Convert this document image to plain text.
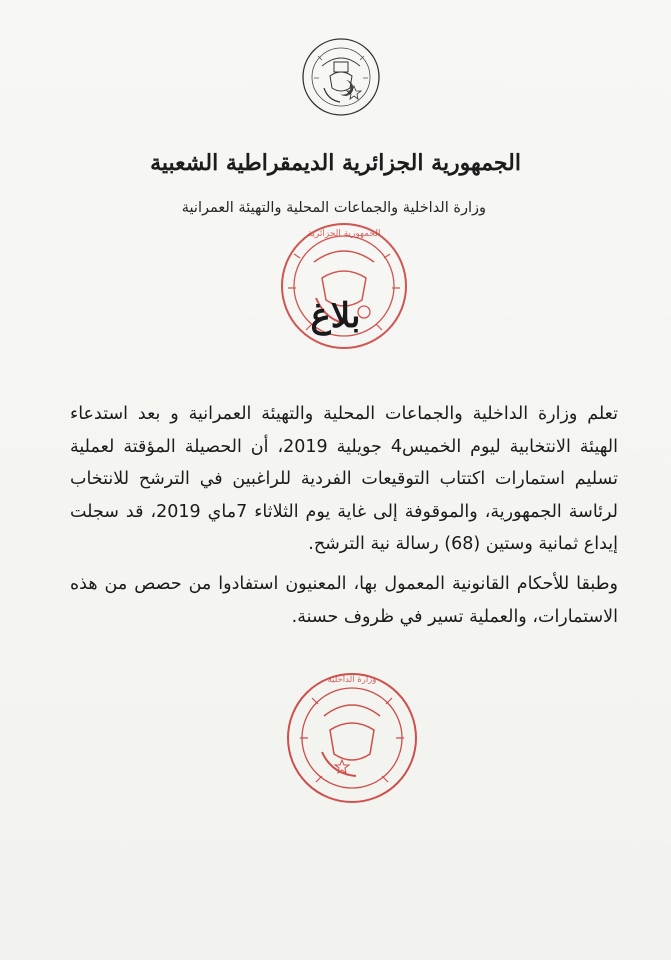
الجمهورية الجزائرية الديمقراطية الشعبية
وزارة الداخلية والجماعات المحلية والتهيئة العمرانية
الجمهورية الجزائرية
بلاغ
تعلم وزارة الداخلية والجماعات المحلية والتهيئة العمرانية و بعد استدعاء الهيئة الانتخابية ليوم الخميس4 جويلية 2019، أن الحصيلة المؤقتة لعملية تسليم استمارات اكتتاب التوقيعات الفردية للراغبين في الترشح للانتخاب لرئاسة الجمهورية، والموقوفة إلى غاية يوم الثلاثاء 7ماي 2019، قد سجلت إيداع ثمانية وستين (68) رسالة نية الترشح.
وطبقا للأحكام القانونية المعمول بها، المعنيون استفادوا من حصص من هذه الاستمارات، والعملية تسير في ظروف حسنة.
وزارة الداخلية
